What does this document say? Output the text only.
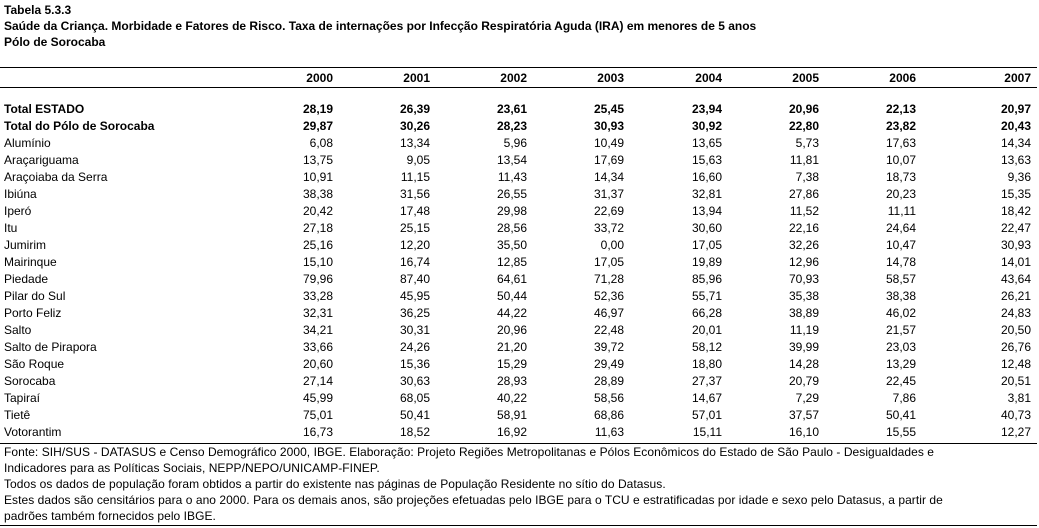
Tabela 5.3.3
Saúde da Criança. Morbidade e Fatores de Risco. Taxa de internações por Infecção Respiratória Aguda (IRA) em menores de 5 anos
Pólo de Sorocaba
	2000	2001	2002	2003	2004	2005	2006	2007

Total ESTADO	28,19	26,39	23,61	25,45	23,94	20,96	22,13	20,97
Total do Pólo de Sorocaba	29,87	30,26	28,23	30,93	30,92	22,80	23,82	20,43
Alumínio	6,08	13,34	5,96	10,49	13,65	5,73	17,63	14,34
Araçariguama	13,75	9,05	13,54	17,69	15,63	11,81	10,07	13,63
Araçoiaba da Serra	10,91	11,15	11,43	14,34	16,60	7,38	18,73	9,36
Ibiúna	38,38	31,56	26,55	31,37	32,81	27,86	20,23	15,35
Iperó	20,42	17,48	29,98	22,69	13,94	11,52	11,11	18,42
Itu	27,18	25,15	28,56	33,72	30,60	22,16	24,64	22,47
Jumirim	25,16	12,20	35,50	0,00	17,05	32,26	10,47	30,93
Mairinque	15,10	16,74	12,85	17,05	19,89	12,96	14,78	14,01
Piedade	79,96	87,40	64,61	71,28	85,96	70,93	58,57	43,64
Pilar do Sul	33,28	45,95	50,44	52,36	55,71	35,38	38,38	26,21
Porto Feliz	32,31	36,25	44,22	46,97	66,28	38,89	46,02	24,83
Salto	34,21	30,31	20,96	22,48	20,01	11,19	21,57	20,50
Salto de Pirapora	33,66	24,26	21,20	39,72	58,12	39,99	23,03	26,76
São Roque	20,60	15,36	15,29	29,49	18,80	14,28	13,29	12,48
Sorocaba	27,14	30,63	28,93	28,89	27,37	20,79	22,45	20,51
Tapiraí	45,99	68,05	40,22	58,56	14,67	7,29	7,86	3,81
Tietê	75,01	50,41	58,91	68,86	57,01	37,57	50,41	40,73
Votorantim	16,73	18,52	16,92	11,63	15,11	16,10	15,55	12,27
Fonte: SIH/SUS - DATASUS e Censo Demográfico 2000, IBGE. Elaboração: Projeto Regiões Metropolitanas e Pólos Econômicos do Estado de São Paulo - Desigualdades e
Indicadores para as Políticas Sociais, NEPP/NEPO/UNICAMP-FINEP.
Todos os dados de população foram obtidos a partir do existente nas páginas de População Residente no sítio do Datasus.
Estes dados são censitários para o ano 2000. Para os demais anos, são projeções efetuadas pelo IBGE para o TCU e estratificadas por idade e sexo pelo Datasus, a partir de
padrões também fornecidos pelo IBGE.
